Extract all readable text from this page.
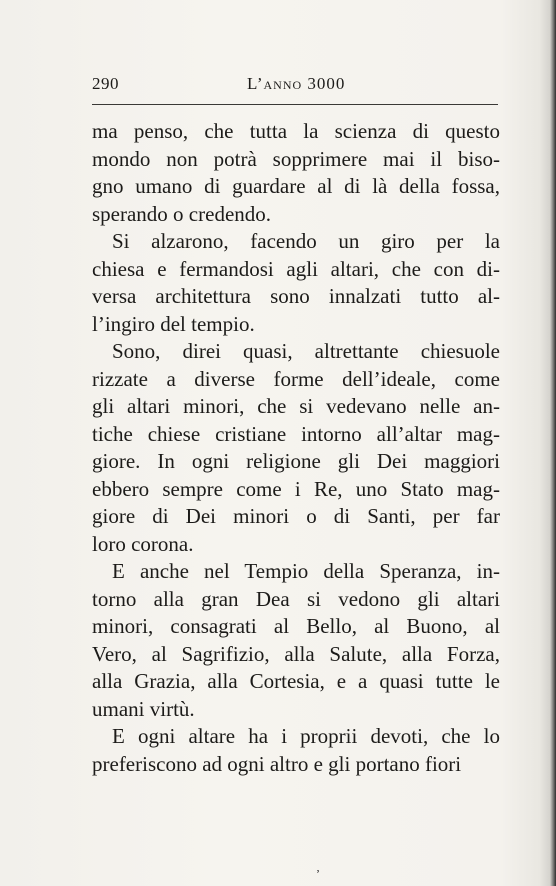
290	L’anno 3000
ma penso, che tutta la scienza di questo
mondo non potrà sopprimere mai il biso-
gno umano di guardare al di là della fossa,
sperando o credendo.
Si alzarono, facendo un giro per la
chiesa e fermandosi agli altari, che con di-
versa architettura sono innalzati tutto al-
l’ingiro del tempio.
Sono, direi quasi, altrettante chiesuole
rizzate a diverse forme dell’ideale, come
gli altari minori, che si vedevano nelle an-
tiche chiese cristiane intorno all’altar mag-
giore. In ogni religione gli Dei maggiori
ebbero sempre come i Re, uno Stato mag-
giore di Dei minori o di Santi, per far
loro corona.
E anche nel Tempio della Speranza, in-
torno alla gran Dea si vedono gli altari
minori, consagrati al Bello, al Buono, al
Vero, al Sagrifizio, alla Salute, alla Forza,
alla Grazia, alla Cortesia, e a quasi tutte le
umani virtù.
E ogni altare ha i proprii devoti, che lo
preferiscono ad ogni altro e gli portano fiori
‚
